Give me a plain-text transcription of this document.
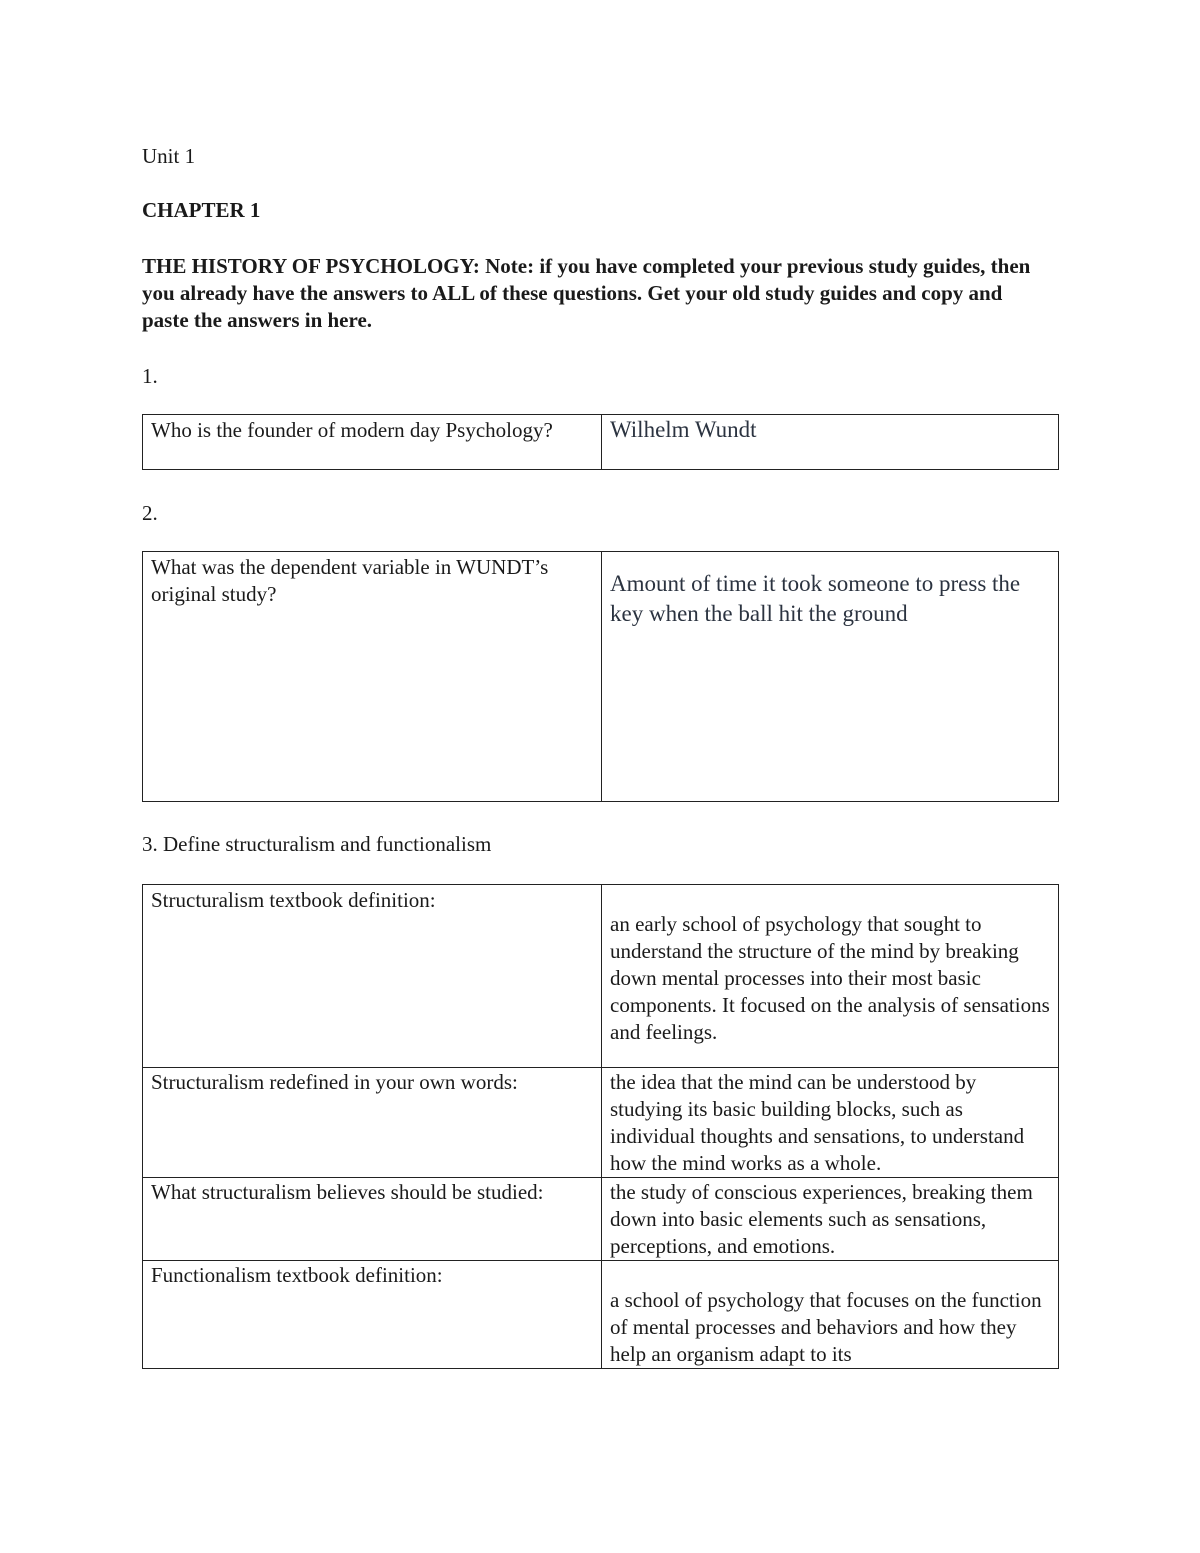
Unit 1

CHAPTER 1

THE HISTORY OF PSYCHOLOGY: Note: if you have completed your previous study guides, then you already have the answers to ALL of these questions. Get your old study guides and copy and paste the answers in here.

1.

Who is the founder of modern day Psychology?	Wilhelm Wundt

2.

What was the dependent variable in WUNDT’s original study?	Amount of time it took someone to press the key when the ball hit the ground

3. Define structuralism and functionalism

Structuralism textbook definition:	an early school of psychology that sought to understand the structure of the mind by breaking down mental processes into their most basic components. It focused on the analysis of sensations and feelings.
Structuralism redefined in your own words:	the idea that the mind can be understood by studying its basic building blocks, such as individual thoughts and sensations, to understand how the mind works as a whole.
What structuralism believes should be studied:	the study of conscious experiences, breaking them down into basic elements such as sensations, perceptions, and emotions.
Functionalism textbook definition:	a school of psychology that focuses on the function of mental processes and behaviors and how they help an organism adapt to its
